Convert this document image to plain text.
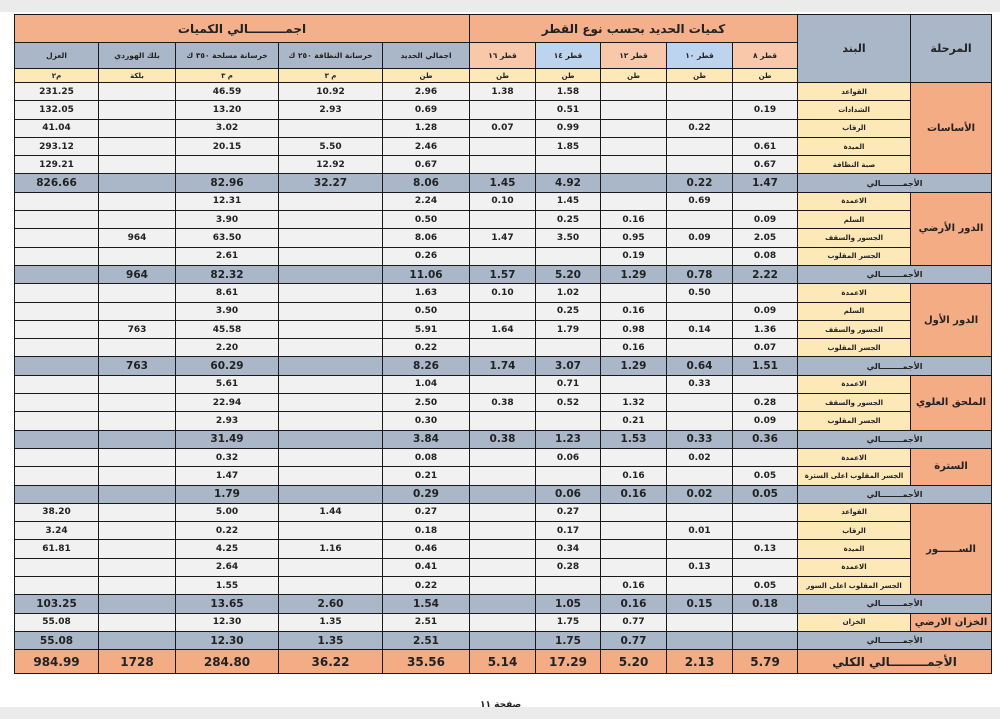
اجمـــــــــالي الكميات					كميات الحديد بحسب نوع القطر					البند	المرحلة
العزل	بلك الهوردي	خرسانة مسلحة ٣٥٠ ك	خرسانة النظافة ٢٥٠ ك	اجمالي الحديد	قطر ١٦	قطر ١٤	قطر ١٢	قطر ١٠	قطر ٨		
م٢	بلكة	م ٣	م ٣	طن	طن	طن	طن	طن	طن		
231.25		46.59	10.92	2.96	1.38	1.58				القواعد	الأساسات
132.05		13.20	2.93	0.69		0.51			0.19	الشدادات	
41.04		3.02		1.28	0.07	0.99		0.22		الرقاب	
293.12		20.15	5.50	2.46		1.85			0.61	الميدة	
129.21			12.92	0.67					0.67	صبة النظافة	
826.66		82.96	32.27	8.06	1.45	4.92		0.22	1.47	الأجمــــــــالي	
		12.31		2.24	0.10	1.45		0.69		الاعمدة	الدور الأرضي
		3.90		0.50		0.25	0.16		0.09	السلم	
	964	63.50		8.06	1.47	3.50	0.95	0.09	2.05	الجسور والسقف	
		2.61		0.26			0.19		0.08	الجسر المقلوب	
	964	82.32		11.06	1.57	5.20	1.29	0.78	2.22	الأجمــــــــالي	
		8.61		1.63	0.10	1.02		0.50		الاعمدة	الدور الأول
		3.90		0.50		0.25	0.16		0.09	السلم	
	763	45.58		5.91	1.64	1.79	0.98	0.14	1.36	الجسور والسقف	
		2.20		0.22			0.16		0.07	الجسر المقلوب	
	763	60.29		8.26	1.74	3.07	1.29	0.64	1.51	الأجمــــــــالي	
		5.61		1.04		0.71		0.33		الاعمدة	الملحق العلوي
		22.94		2.50	0.38	0.52	1.32		0.28	الجسور والسقف	
		2.93		0.30			0.21		0.09	الجسر المقلوب	
		31.49		3.84	0.38	1.23	1.53	0.33	0.36	الأجمــــــــالي	
		0.32		0.08		0.06		0.02		الاعمدة	السترة
		1.47		0.21			0.16		0.05	الجسر المقلوب اعلى السترة	
		1.79		0.29		0.06	0.16	0.02	0.05	الأجمــــــــالي	
38.20		5.00	1.44	0.27		0.27				القواعد	الســــــور
3.24		0.22		0.18		0.17		0.01		الرقاب	
61.81		4.25	1.16	0.46		0.34			0.13	الميدة	
		2.64		0.41		0.28		0.13		الاعمدة	
		1.55		0.22			0.16		0.05	الجسر المقلوب اعلى السور	
103.25		13.65	2.60	1.54		1.05	0.16	0.15	0.18	الأجمــــــــالي	
55.08		12.30	1.35	2.51		1.75	0.77			الخزان	الخزان الارضي
55.08		12.30	1.35	2.51		1.75	0.77			الأجمــــــــالي	
984.99	1728	284.80	36.22	35.56	5.14	17.29	5.20	2.13	5.79	الأجمـــــــــالي الكلي	
صفحة ١١
